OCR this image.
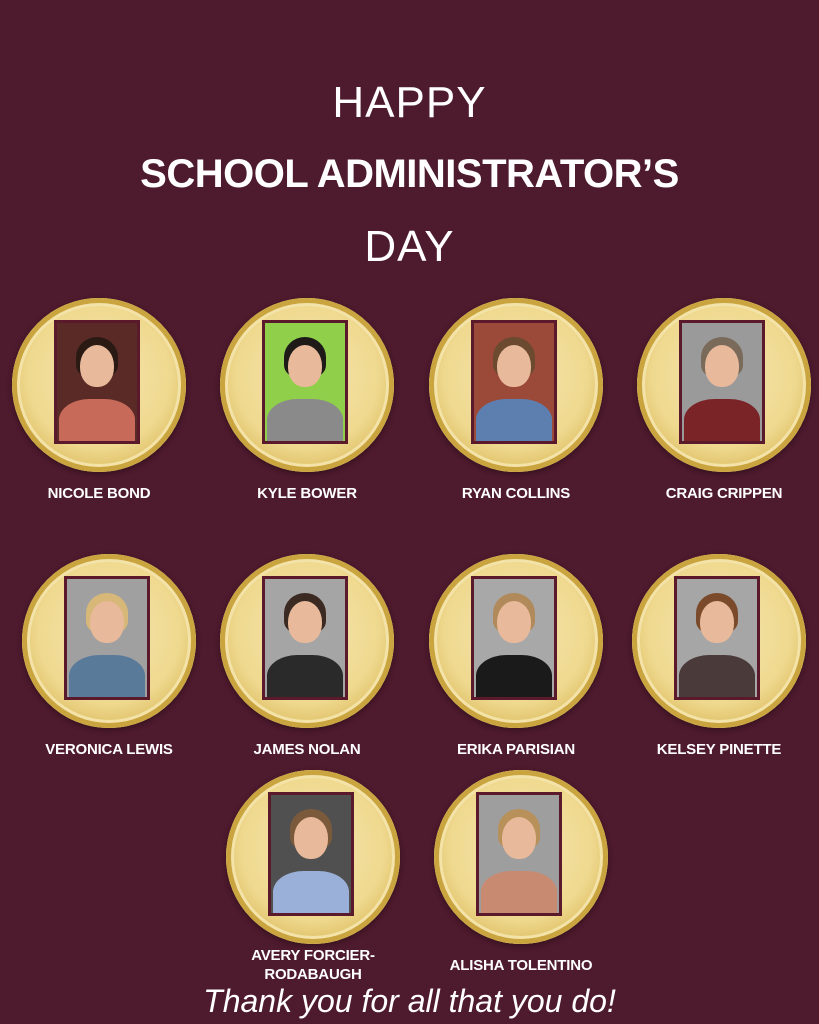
HAPPY
SCHOOL ADMINISTRATOR’S
DAY
NICOLE BOND	KYLE BOWER	RYAN COLLINS	CRAIG CRIPPEN
VERONICA LEWIS	JAMES NOLAN	ERIKA PARISIAN	KELSEY PINETTE
AVERY FORCIER-
RODABAUGH
ALISHA TOLENTINO
Thank you for all that you do!
